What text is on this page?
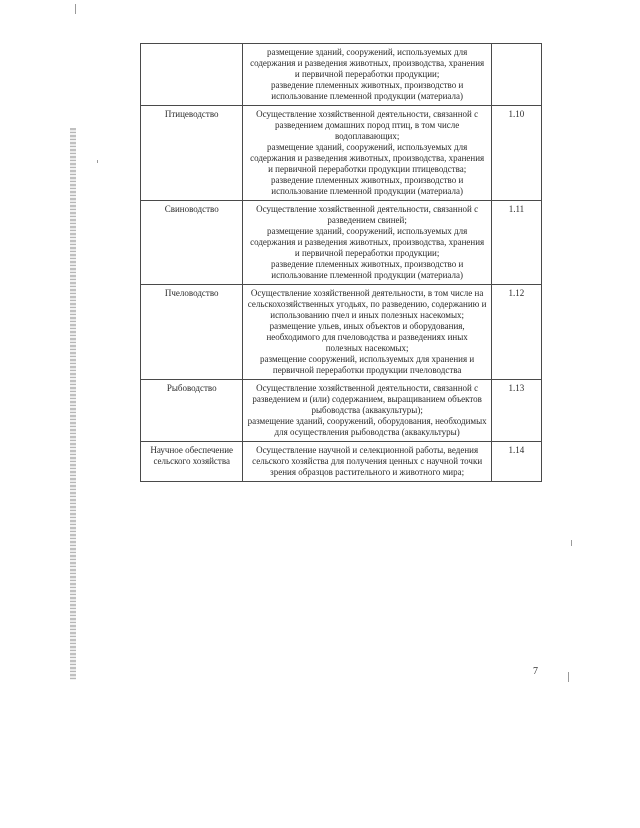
	размещение зданий, сооружений, используемых для содержания и разведения животных, производства, хранения и первичной переработки продукции;
разведение племенных животных, производство и использование племенной продукции (материала)	

Птицеводство	Осуществление хозяйственной деятельности, связанной с разведением домашних пород птиц, в том числе водоплавающих;
размещение зданий, сооружений, используемых для содержания и разведения животных, производства, хранения и первичной переработки продукции птицеводства;
разведение племенных животных, производство и использование племенной продукции (материала)	1.10
Свиноводство	Осуществление хозяйственной деятельности, связанной с разведением свиней;
размещение зданий, сооружений, используемых для содержания и разведения животных, производства, хранения и первичной переработки продукции;
разведение племенных животных, производство и использование племенной продукции (материала)	1.11
Пчеловодство	Осуществление хозяйственной деятельности, в том числе на сельскохозяйственных угодьях, по разведению, содержанию и использованию пчел и иных полезных насекомых;
размещение ульев, иных объектов и оборудования, необходимого для пчеловодства и разведениях иных полезных насекомых;
размещение сооружений, используемых для хранения и первичной переработки продукции пчеловодства	1.12
Рыбоводство	Осуществление хозяйственной деятельности, связанной с разведением и (или) содержанием, выращиванием объектов рыбоводства (аквакультуры);
размещение зданий, сооружений, оборудования, необходимых для осуществления рыбоводства (аквакультуры)	1.13
Научное обеспечение сельского хозяйства	Осуществление научной и селекционной работы, ведения сельского хозяйства для получения ценных с научной точки зрения образцов растительного и животного мира;	1.14
7
